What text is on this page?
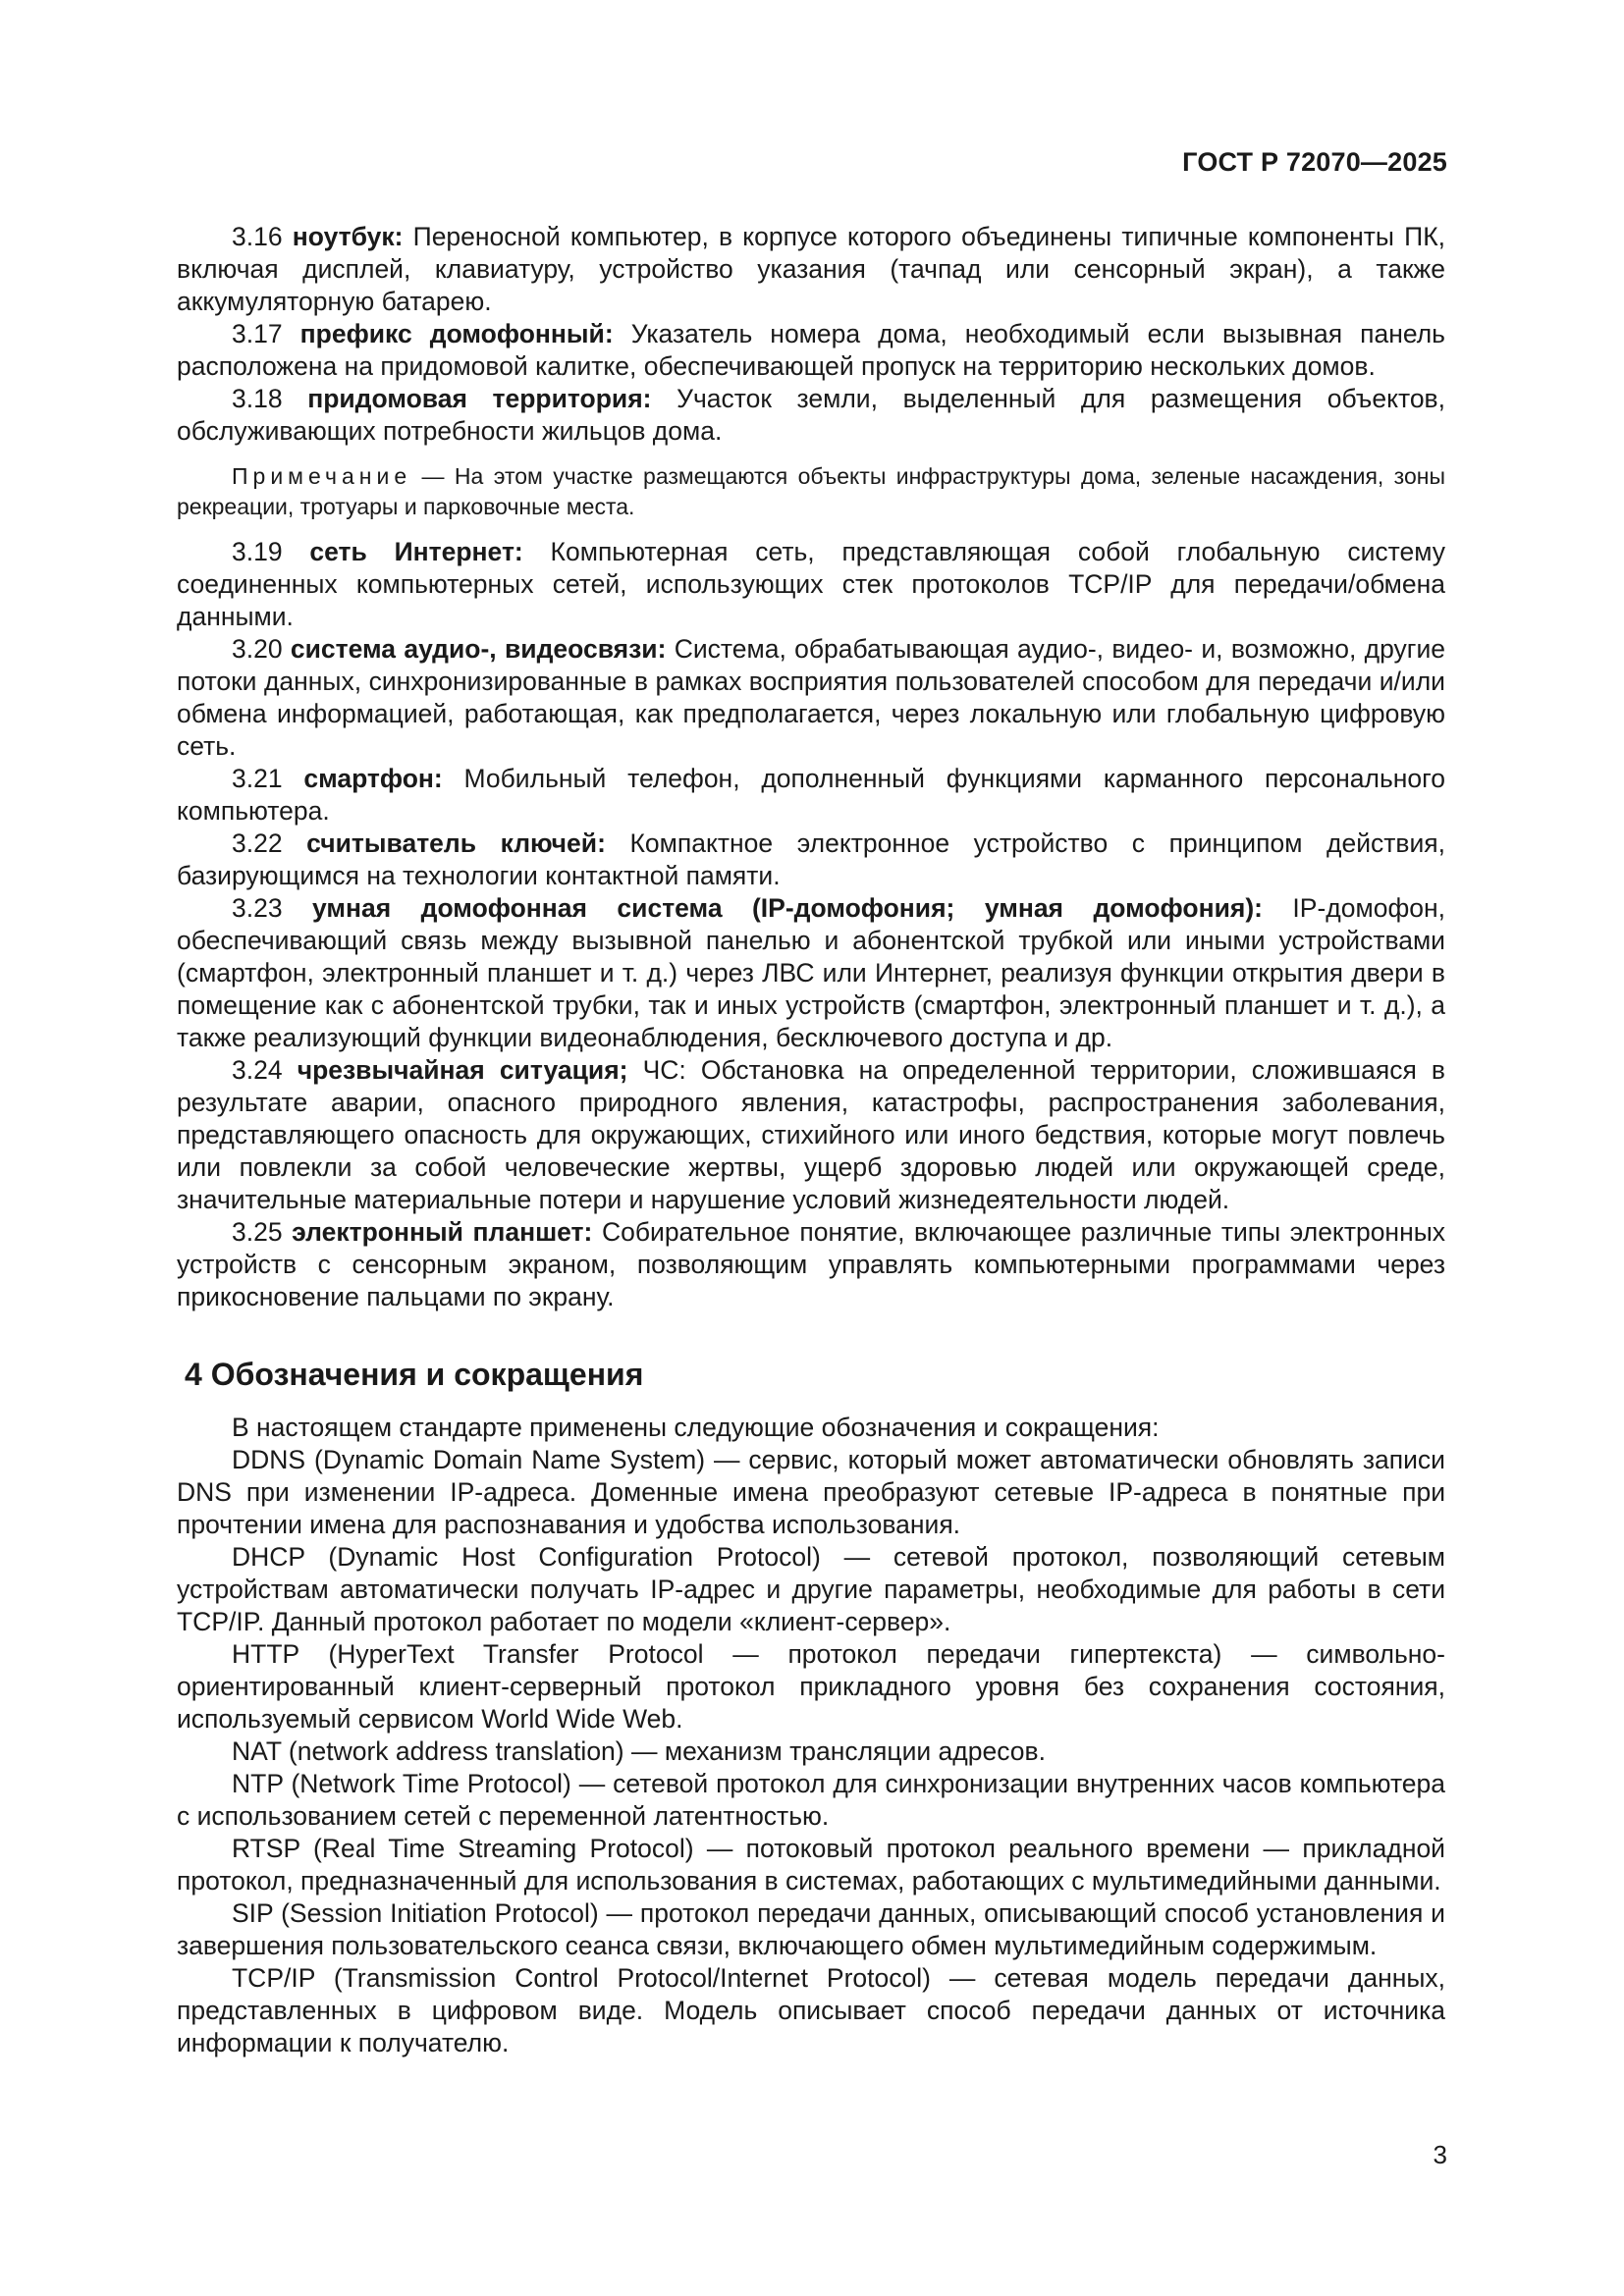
ГОСТ Р 72070—2025

3.16 ноутбук: Переносной компьютер, в корпусе которого объединены типичные компоненты ПК, включая дисплей, клавиатуру, устройство указания (тачпад или сенсорный экран), а также аккумуляторную батарею.

3.17 префикс домофонный: Указатель номера дома, необходимый если вызывная панель расположена на придомовой калитке, обеспечивающей пропуск на территорию нескольких домов.

3.18 придомовая территория: Участок земли, выделенный для размещения объектов, обслуживающих потребности жильцов дома.

Примечание — На этом участке размещаются объекты инфраструктуры дома, зеленые насаждения, зоны рекреации, тротуары и парковочные места.

3.19 сеть Интернет: Компьютерная сеть, представляющая собой глобальную систему соединенных компьютерных сетей, использующих стек протоколов TCP/IP для передачи/обмена данными.

3.20 система аудио-, видеосвязи: Система, обрабатывающая аудио-, видео- и, возможно, другие потоки данных, синхронизированные в рамках восприятия пользователей способом для передачи и/или обмена информацией, работающая, как предполагается, через локальную или глобальную цифровую сеть.

3.21 смартфон: Мобильный телефон, дополненный функциями карманного персонального компьютера.

3.22 считыватель ключей: Компактное электронное устройство с принципом действия, базирующимся на технологии контактной памяти.

3.23 умная домофонная система (IP-домофония; умная домофония): IP-домофон, обеспечивающий связь между вызывной панелью и абонентской трубкой или иными устройствами (смартфон, электронный планшет и т. д.) через ЛВС или Интернет, реализуя функции открытия двери в помещение как с абонентской трубки, так и иных устройств (смартфон, электронный планшет и т. д.), а также реализующий функции видеонаблюдения, бесключевого доступа и др.

3.24 чрезвычайная ситуация; ЧС: Обстановка на определенной территории, сложившаяся в результате аварии, опасного природного явления, катастрофы, распространения заболевания, представляющего опасность для окружающих, стихийного или иного бедствия, которые могут повлечь или повлекли за собой человеческие жертвы, ущерб здоровью людей или окружающей среде, значительные материальные потери и нарушение условий жизнедеятельности людей.

3.25 электронный планшет: Собирательное понятие, включающее различные типы электронных устройств с сенсорным экраном, позволяющим управлять компьютерными программами через прикосновение пальцами по экрану.

4 Обозначения и сокращения

В настоящем стандарте применены следующие обозначения и сокращения:

DDNS (Dynamic Domain Name System) — сервис, который может автоматически обновлять записи DNS при изменении IP-адреса. Доменные имена преобразуют сетевые IP-адреса в понятные при прочтении имена для распознавания и удобства использования.

DHCP (Dynamic Host Configuration Protocol) — сетевой протокол, позволяющий сетевым устройствам автоматически получать IP-адрес и другие параметры, необходимые для работы в сети TCP/IP. Данный протокол работает по модели «клиент-сервер».

HTTP (HyperText Transfer Protocol — протокол передачи гипертекста) — символьно-ориентированный клиент-серверный протокол прикладного уровня без сохранения состояния, используемый сервисом World Wide Web.

NAT (network address translation) — механизм трансляции адресов.

NTP (Network Time Protocol) — сетевой протокол для синхронизации внутренних часов компьютера с использованием сетей с переменной латентностью.

RTSP (Real Time Streaming Protocol) — потоковый протокол реального времени — прикладной протокол, предназначенный для использования в системах, работающих с мультимедийными данными.

SIP (Session Initiation Protocol) — протокол передачи данных, описывающий способ установления и завершения пользовательского сеанса связи, включающего обмен мультимедийным содержимым.

TCP/IP (Transmission Control Protocol/Internet Protocol) — сетевая модель передачи данных, представленных в цифровом виде. Модель описывает способ передачи данных от источника информации к получателю.

3
